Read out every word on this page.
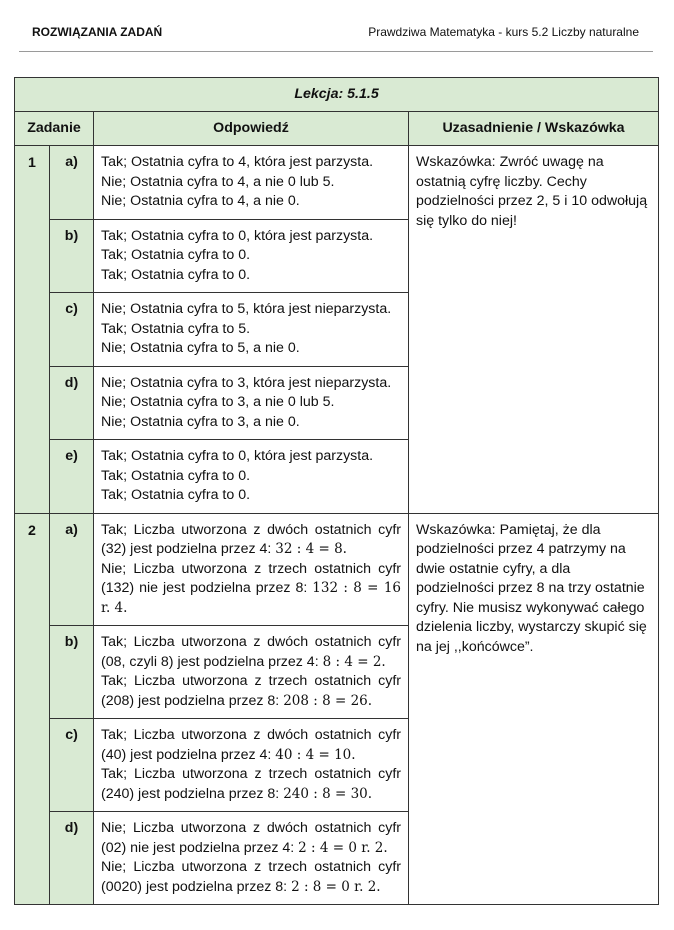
ROZWIĄZANIA ZADAŃ	Prawdziwa Matematyka - kurs 5.2 Liczby naturalne
Lekcja: 5.1.5			
Zadanie		Odpowiedź	Uzasadnienie / Wskazówka
1	a)	Tak; Ostatnia cyfra to 4, która jest parzysta.
Nie; Ostatnia cyfra to 4, a nie 0 lub 5.
Nie; Ostatnia cyfra to 4, a nie 0.	Wskazówka: Zwróć uwagę na ostatnią cyfrę liczby. Cechy podzielności przez 2, 5 i 10 odwołują się tylko do niej!
	b)	Tak; Ostatnia cyfra to 0, która jest parzysta.
Tak; Ostatnia cyfra to 0.
Tak; Ostatnia cyfra to 0.	

	c)	Nie; Ostatnia cyfra to 5, która jest nieparzysta.
Tak; Ostatnia cyfra to 5.
Nie; Ostatnia cyfra to 5, a nie 0.	

	d)	Nie; Ostatnia cyfra to 3, która jest nieparzysta.
Nie; Ostatnia cyfra to 3, a nie 0 lub 5.
Nie; Ostatnia cyfra to 3, a nie 0.	

	e)	Tak; Ostatnia cyfra to 0, która jest parzysta.
Tak; Ostatnia cyfra to 0.
Tak; Ostatnia cyfra to 0.	

2	a)	Tak; Liczba utworzona z dwóch ostatnich cyfr (32) jest podzielna przez 4: 32 : 4 = 8.
Nie; Liczba utworzona z trzech ostatnich cyfr (132) nie jest podzielna przez 8: 132 : 8 = 16 r. 4.	Wskazówka: Pamiętaj, że dla podzielności przez 4 patrzymy na dwie ostatnie cyfry, a dla podzielności przez 8 na trzy ostatnie cyfry. Nie musisz wykonywać całego dzielenia liczby, wystarczy skupić się na jej ,,końcówce”.
	b)	Tak; Liczba utworzona z dwóch ostatnich cyfr (08, czyli 8) jest podzielna przez 4: 8 : 4 = 2.
Tak; Liczba utworzona z trzech ostatnich cyfr (208) jest podzielna przez 8: 208 : 8 = 26.	

	c)	Tak; Liczba utworzona z dwóch ostatnich cyfr (40) jest podzielna przez 4: 40 : 4 = 10.
Tak; Liczba utworzona z trzech ostatnich cyfr (240) jest podzielna przez 8: 240 : 8 = 30.	

	d)	Nie; Liczba utworzona z dwóch ostatnich cyfr (02) nie jest podzielna przez 4: 2 : 4 = 0 r. 2.
Nie; Liczba utworzona z trzech ostatnich cyfr (0020) jest podzielna przez 8: 2 : 8 = 0 r. 2.	
